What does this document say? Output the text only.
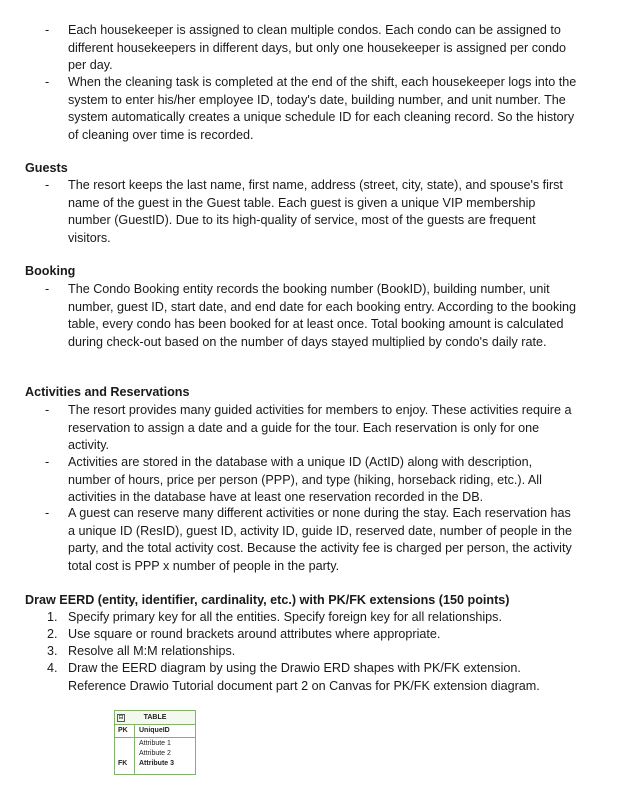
-	Each housekeeper is assigned to clean multiple condos. Each condo can be assigned to different housekeepers in different days, but only one housekeeper is assigned per condo per day.
-	When the cleaning task is completed at the end of the shift, each housekeeper logs into the system to enter his/her employee ID, today's date, building number, and unit number. The system automatically creates a unique schedule ID for each cleaning record. So the history of cleaning over time is recorded.
Guests
-	The resort keeps the last name, first name, address (street, city, state), and spouse's first name of the guest in the Guest table. Each guest is given a unique VIP membership number (GuestID). Due to its high-quality of service, most of the guests are frequent visitors.
Booking
-	The Condo Booking entity records the booking number (BookID), building number, unit number, guest ID, start date, and end date for each booking entry. According to the booking table, every condo has been booked for at least once. Total booking amount is calculated during check-out based on the number of days stayed multiplied by condo's daily rate.
Activities and Reservations
-	The resort provides many guided activities for members to enjoy. These activities require a reservation to assign a date and a guide for the tour. Each reservation is only for one activity.
-	Activities are stored in the database with a unique ID (ActID) along with description, number of hours, price per person (PPP), and type (hiking, horseback riding, etc.). All activities in the database have at least one reservation recorded in the DB.
-	A guest can reserve many different activities or none during the stay. Each reservation has a unique ID (ResID), guest ID, activity ID, guide ID, reserved date, number of people in the party, and the total activity cost. Because the activity fee is charged per person, the activity total cost is PPP x number of people in the party.
Draw EERD (entity, identifier, cardinality, etc.) with PK/FK extensions (150 points)
1. Specify primary key for all the entities. Specify foreign key for all relationships.
2. Use square or round brackets around attributes where appropriate.
3. Resolve all M:M relationships.
4. Draw the EERD diagram by using the Drawio ERD shapes with PK/FK extension. Reference Drawio Tutorial document part 2 on Canvas for PK/FK extension diagram.
⊟	TABLE
PK UniqueID
Attribute 1
Attribute 2
FK Attribute 3
